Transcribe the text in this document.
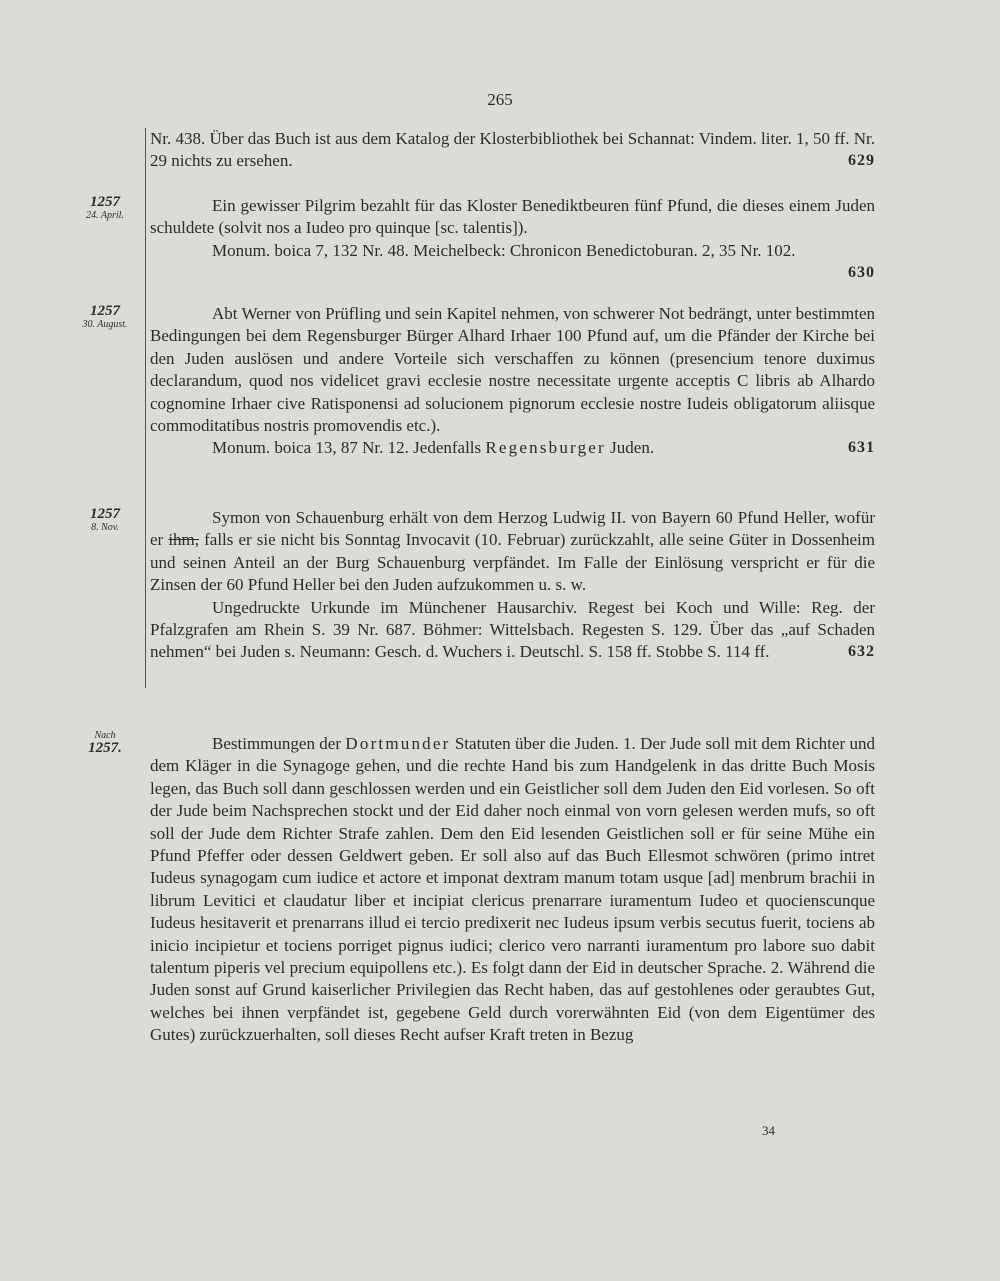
265

Nr. 438. Über das Buch ist aus dem Katalog der Klosterbibliothek bei Schannat: Vindem. liter. 1, 50 ff. Nr. 29 nichts zu ersehen.	629

1257
24. April.

Ein gewisser Pilgrim bezahlt für das Kloster Benediktbeuren fünf Pfund, die dieses einem Juden schuldete (solvit nos a Iudeo pro quinque [sc. talentis]).

Monum. boica 7, 132 Nr. 48. Meichelbeck: Chronicon Benedictoburan. 2, 35 Nr. 102.
630

1257
30. August.

Abt Werner von Prüfling und sein Kapitel nehmen, von schwerer Not bedrängt, unter bestimmten Bedingungen bei dem Regensburger Bürger Alhard Irhaer 100 Pfund auf, um die Pfänder der Kirche bei den Juden auslösen und andere Vorteile sich verschaffen zu können (presencium tenore duximus declarandum, quod nos videlicet gravi ecclesie nostre necessitate urgente acceptis C libris ab Alhardo cognomine Irhaer cive Ratisponensi ad solucionem pignorum ecclesie nostre Iudeis obligatorum aliisque commoditatibus nostris promovendis etc.).

Monum. boica 13, 87 Nr. 12. Jedenfalls Regensburger Juden.	631

1257
8. Nov.

Symon von Schauenburg erhält von dem Herzog Ludwig II. von Bayern 60 Pfund Heller, wofür er ihm, falls er sie nicht bis Sonntag Invocavit (10. Februar) zurückzahlt, alle seine Güter in Dossenheim und seinen Anteil an der Burg Schauenburg verpfändet. Im Falle der Einlösung verspricht er für die Zinsen der 60 Pfund Heller bei den Juden aufzukommen u. s. w.

Ungedruckte Urkunde im Münchener Hausarchiv. Regest bei Koch und Wille: Reg. der Pfalzgrafen am Rhein S. 39 Nr. 687. Böhmer: Wittelsbach. Regesten S. 129. Über das „auf Schaden nehmen“ bei Juden s. Neumann: Gesch. d. Wuchers i. Deutschl. S. 158 ff. Stobbe S. 114 ff.	632

Nach
1257.	Bestimmungen der Dortmunder Statuten über die Juden. 1. Der Jude soll mit dem Richter und dem Kläger in die Synagoge gehen, und die rechte Hand bis zum Handgelenk in das dritte Buch Mosis legen, das Buch soll dann geschlossen werden und ein Geistlicher soll dem Juden den Eid vorlesen. So oft der Jude beim Nachsprechen stockt und der Eid daher noch einmal von vorn gelesen werden mufs, so oft soll der Jude dem Richter Strafe zahlen. Dem den Eid lesenden Geistlichen soll er für seine Mühe ein Pfund Pfeffer oder dessen Geldwert geben. Er soll also auf das Buch Ellesmot schwören (primo intret Iudeus synagogam cum iudice et actore et imponat dextram manum totam usque [ad] menbrum brachii in librum Levitici et claudatur liber et incipiat clericus prenarrare iuramentum Iudeo et quociensсunque Iudeus hesitaverit et prenarrans illud ei tercio predixerit nec Iudeus ipsum verbis secutus fuerit, tociens ab inicio incipietur et tociens porriget pignus iudici; clerico vero narranti iuramentum pro labore suo dabit talentum piperis vel precium equipollens etc.). Es folgt dann der Eid in deutscher Sprache. 2. Während die Juden sonst auf Grund kaiserlicher Privilegien das Recht haben, das auf gestohlenes oder geraubtes Gut, welches bei ihnen verpfändet ist, gegebene Geld durch vorerwähnten Eid (von dem Eigentümer des Gutes) zurückzuerhalten, soll dieses Recht aufser Kraft treten in Bezug

34
